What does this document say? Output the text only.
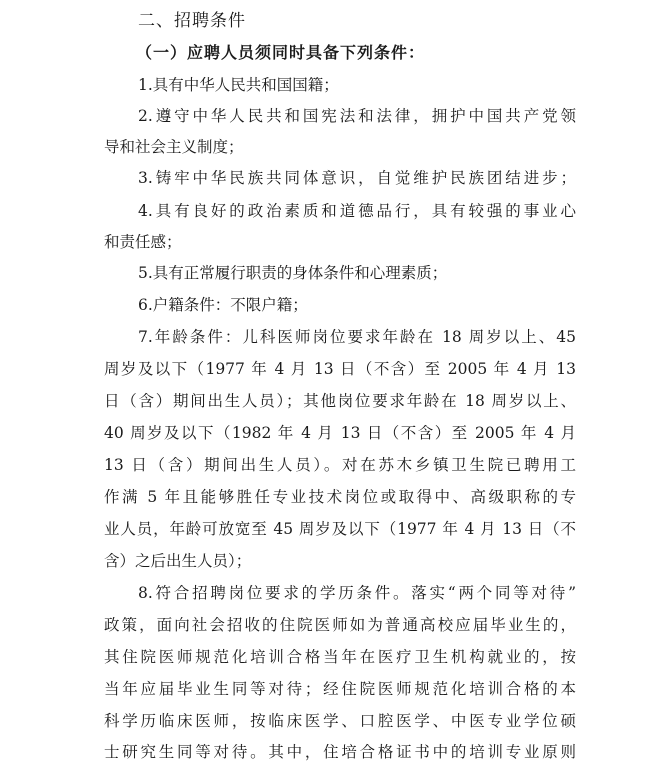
二、招聘条件
（一）应聘人员须同时具备下列条件：
1.具有中华人民共和国国籍；
2.遵守中华人民共和国宪法和法律，拥护中国共产党领
导和社会主义制度；
3.铸牢中华民族共同体意识，自觉维护民族团结进步；
4.具有良好的政治素质和道德品行，具有较强的事业心
和责任感；
5.具有正常履行职责的身体条件和心理素质；
6.户籍条件：不限户籍；
7.年龄条件：儿科医师岗位要求年龄在 18 周岁以上、45
周岁及以下（1977 年 4 月 13 日（不含）至 2005 年 4 月 13
日（含）期间出生人员）；其他岗位要求年龄在 18 周岁以上、
40 周岁及以下（1982 年 4 月 13 日（不含）至 2005 年 4 月
13 日（含）期间出生人员）。对在苏木乡镇卫生院已聘用工
作满 5 年且能够胜任专业技术岗位或取得中、高级职称的专
业人员，年龄可放宽至 45 周岁及以下（1977 年 4 月 13 日（不
含）之后出生人员）；
8.符合招聘岗位要求的学历条件。落实“两个同等对待”
政策，面向社会招收的住院医师如为普通高校应届毕业生的，
其住院医师规范化培训合格当年在医疗卫生机构就业的，按
当年应届毕业生同等对待；经住院医师规范化培训合格的本
科学历临床医师，按临床医学、口腔医学、中医专业学位硕
士研究生同等对待。其中，住培合格证书中的培训专业原则
